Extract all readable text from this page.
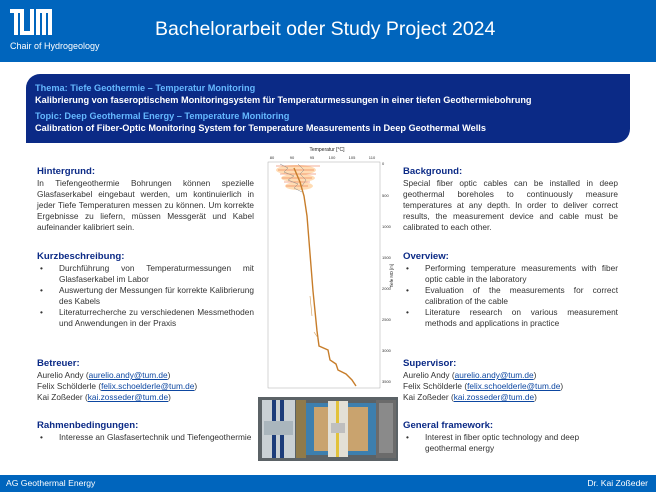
Chair of Hydrogeology
Bachelorarbeit oder Study Project 2024
Thema: Tiefe Geothermie – Temperatur Monitoring
Kalibrierung von faseroptischem Monitoringsystem für Temperaturmessungen in einer tiefen Geothermiebohrung
Topic: Deep Geothermal Energy – Temperature Monitoring
Calibration of Fiber-Optic Monitoring System for Temperature Measurements in Deep Geothermal Wells
Hintergrund:

In Tiefengeothermie Bohrungen können spezielle Glasfaserkabel eingebaut werden, um kontinuierlich in jeder Tiefe Temperaturen messen zu können. Um korrekte Ergebnisse zu liefern, müssen Messgerät und Kabel aufeinander kalibriert sein.

Kurzbeschreibung:
• Durchführung von Temperaturmessungen mit Glasfaserkabel im Labor
• Auswertung der Messungen für korrekte Kalibrierung des Kabels
• Literaturrecherche zu verschiedenen Messmethoden und Anwendungen in der Praxis
Betreuer:

Aurelio Andy (aurelio.andy@tum.de)

Felix Schölderle (felix.schoelderle@tum.de)

Kai Zoßeder (kai.zosseder@tum.de)

Rahmenbedingungen:
• Interesse an Glasfasertechnik und Tiefengeothermie
Temperatur [°C]
80	90	95	100	105	110
0
500
1000
1500
2000
2500
3000
3500
Tiefe MD [m]
Background:

Special fiber optic cables can be installed in deep geothermal boreholes to continuously measure temperatures at any depth. In order to deliver correct results, the measurement device and cable must be calibrated to each other.

Overview:
• Performing temperature measurements with fiber optic cable in the laboratory
• Evaluation of the measurements for correct calibration of the cable
• Literature research on various measurement methods and applications in practice
Supervisor:

Aurelio Andy (aurelio.andy@tum.de)

Felix Schölderle (felix.schoelderle@tum.de)

Kai Zoßeder (kai.zosseder@tum.de)

General framework:
• Interest in fiber optic technology and deep geothermal energy
AG Geothermal Energy	Dr. Kai Zoßeder
